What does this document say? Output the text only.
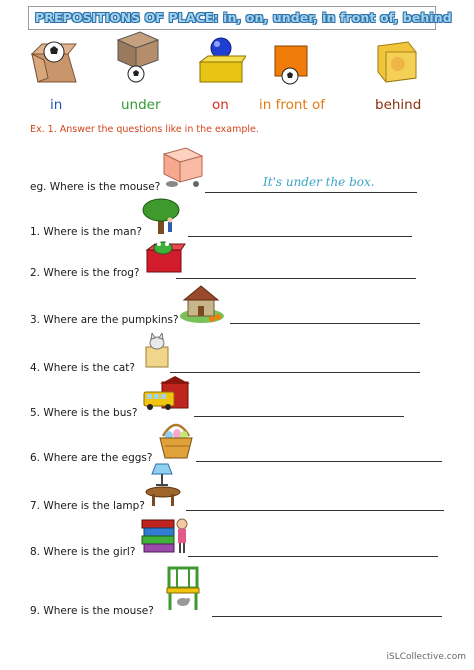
PREPOSITIONS OF PLACE: in, on, under, in front of, behind
in	under	on in front of	behind
Ex. 1. Answer the questions like in the example.
eg. Where is the mouse?	It's under the box.
1. Where is the man?
2. Where is the frog?
3. Where are the pumpkins?
4. Where is the cat?
5. Where is the bus?
6. Where are the eggs?
7. Where is the lamp?
8. Where is the girl?
9. Where is the mouse?
iSLCollective.com
